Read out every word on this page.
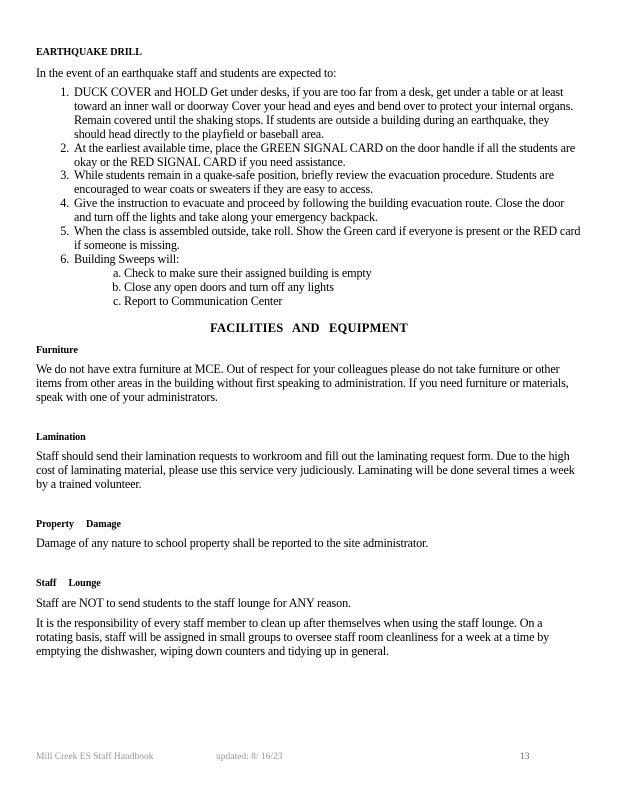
EARTHQUAKE DRILL
In the event of an earthquake staff and students are expected to:
1. DUCK COVER and HOLD Get under desks, if you are too far from a desk, get under a table or at least toward an inner wall or doorway Cover your head and eyes and bend over to protect your internal organs. Remain covered until the shaking stops. If students are outside a building during an earthquake, they should head directly to the playfield or baseball area.
2. At the earliest available time, place the GREEN SIGNAL CARD on the door handle if all the students are okay or the RED SIGNAL CARD if you need assistance.
3. While students remain in a quake-safe position, briefly review the evacuation procedure. Students are encouraged to wear coats or sweaters if they are easy to access.
4. Give the instruction to evacuate and proceed by following the building evacuation route. Close the door and turn off the lights and take along your emergency backpack.
5. When the class is assembled outside, take roll. Show the Green card if everyone is present or the RED card if someone is missing.
6. Building Sweeps will:
a. Check to make sure their assigned building is empty
b. Close any open doors and turn off any lights
c. Report to Communication Center
FACILITIES AND EQUIPMENT
Furniture
We do not have extra furniture at MCE. Out of respect for your colleagues please do not take furniture or other items from other areas in the building without first speaking to administration. If you need furniture or materials, speak with one of your administrators.
Lamination
Staff should send their lamination requests to workroom and fill out the laminating request form. Due to the high cost of laminating material, please use this service very judiciously. Laminating will be done several times a week by a trained volunteer.
Property     Damage
Damage of any nature to school property shall be reported to the site administrator.
Staff     Lounge
Staff are NOT to send students to the staff lounge for ANY reason.
It is the responsibility of every staff member to clean up after themselves when using the staff lounge. On a rotating basis, staff will be assigned in small groups to oversee staff room cleanliness for a week at a time by emptying the dishwasher, wiping down counters and tidying up in general.
Mill Creek ES Staff Handbook	updated: 8/ 16/23	13
